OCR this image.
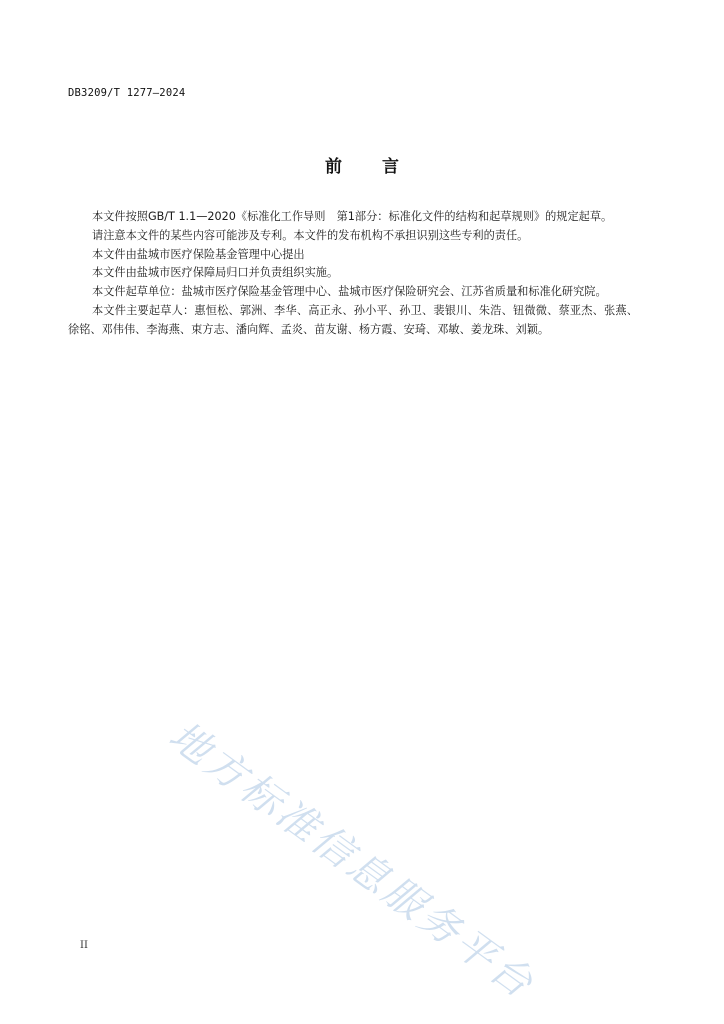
DB3209/T 1277—2024
前言

本文件按照GB/T 1.1—2020《标准化工作导则　第1部分：标准化文件的结构和起草规则》的规定起草。

请注意本文件的某些内容可能涉及专利。本文件的发布机构不承担识别这些专利的责任。

本文件由盐城市医疗保险基金管理中心提出

本文件由盐城市医疗保障局归口并负责组织实施。

本文件起草单位：盐城市医疗保险基金管理中心、盐城市医疗保险研究会、江苏省质量和标准化研究院。

本文件主要起草人：惠恒松、郭洲、李华、高正永、孙小平、孙卫、裴银川、朱浩、钮微微、蔡亚杰、张燕、徐铭、邓伟伟、李海燕、束方志、潘向辉、孟炎、苗友谢、杨方霞、安琦、邓敏、姜龙珠、刘颖。

地方标准信息服务平台
II
